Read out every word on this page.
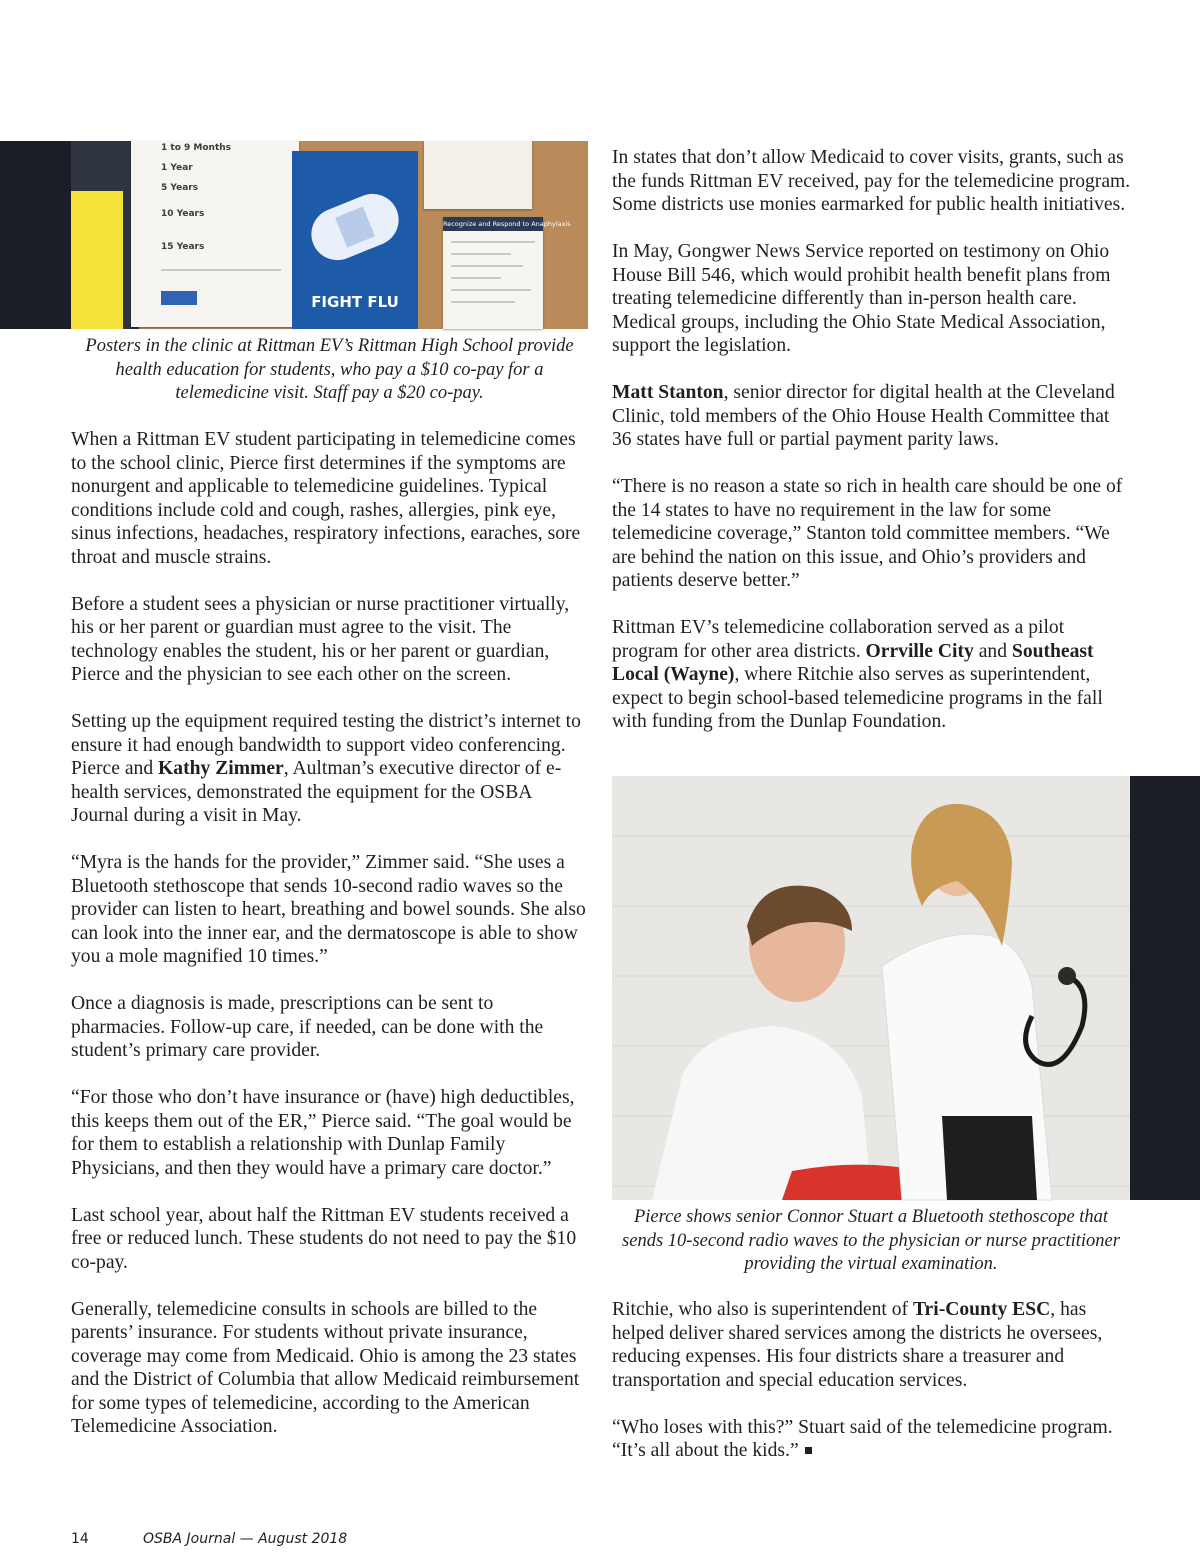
1 to 9 Months
1 Year
5 Years
10 Years
15 Years
FIGHT FLU
Recognize and Respond to Anaphylaxis
Posters in the clinic at Rittman EV’s Rittman High School provide health education for students, who pay a $10 co-pay for a telemedicine visit. Staff pay a $20 co-pay.

When a Rittman EV student participating in telemedicine comes to the school clinic, Pierce first determines if the symptoms are nonurgent and applicable to telemedicine guidelines. Typical conditions include cold and cough, rashes, allergies, pink eye, sinus infections, headaches, respiratory infections, earaches, sore throat and muscle strains.

Before a student sees a physician or nurse practitioner virtually, his or her parent or guardian must agree to the visit. The technology enables the student, his or her parent or guardian, Pierce and the physician to see each other on the screen.

Setting up the equipment required testing the district’s internet to ensure it had enough bandwidth to support video conferencing. Pierce and Kathy Zimmer, Aultman’s executive director of e-health services, demonstrated the equipment for the OSBA Journal during a visit in May.

“Myra is the hands for the provider,” Zimmer said. “She uses a Bluetooth stethoscope that sends 10-second radio waves so the provider can listen to heart, breathing and bowel sounds. She also can look into the inner ear, and the dermatoscope is able to show you a mole magnified 10 times.”

Once a diagnosis is made, prescriptions can be sent to pharmacies. Follow-up care, if needed, can be done with the student’s primary care provider.

“For those who don’t have insurance or (have) high deductibles, this keeps them out of the ER,” Pierce said. “The goal would be for them to establish a relationship with Dunlap Family Physicians, and then they would have a primary care doctor.”

Last school year, about half the Rittman EV students received a free or reduced lunch. These students do not need to pay the $10 co-pay.

Generally, telemedicine consults in schools are billed to the parents’ insurance. For students without private insurance, coverage may come from Medicaid. Ohio is among the 23 states and the District of Columbia that allow Medicaid reimbursement for some types of telemedicine, according to the American Telemedicine Association.

In states that don’t allow Medicaid to cover visits, grants, such as the funds Rittman EV received, pay for the telemedicine program. Some districts use monies earmarked for public health initiatives.

In May, Gongwer News Service reported on testimony on Ohio House Bill 546, which would prohibit health benefit plans from treating telemedicine differently than in-person health care. Medical groups, including the Ohio State Medical Association, support the legislation.

Matt Stanton, senior director for digital health at the Cleveland Clinic, told members of the Ohio House Health Committee that 36 states have full or partial payment parity laws.

“There is no reason a state so rich in health care should be one of the 14 states to have no requirement in the law for some telemedicine coverage,” Stanton told committee members. “We are behind the nation on this issue, and Ohio’s providers and patients deserve better.”

Rittman EV’s telemedicine collaboration served as a pilot program for other area districts. Orrville City and Southeast Local (Wayne), where Ritchie also serves as superintendent, expect to begin school-based telemedicine programs in the fall with funding from the Dunlap Foundation.

Pierce shows senior Connor Stuart a Bluetooth stethoscope that sends 10-second radio waves to the physician or nurse practitioner providing the virtual examination.

Ritchie, who also is superintendent of Tri-County ESC, has helped deliver shared services among the districts he oversees, reducing expenses. His four districts share a treasurer and transportation and special education services.

“Who loses with this?” Stuart said of the telemedicine program. “It’s all about the kids.”

14	OSBA Journal — August 2018
